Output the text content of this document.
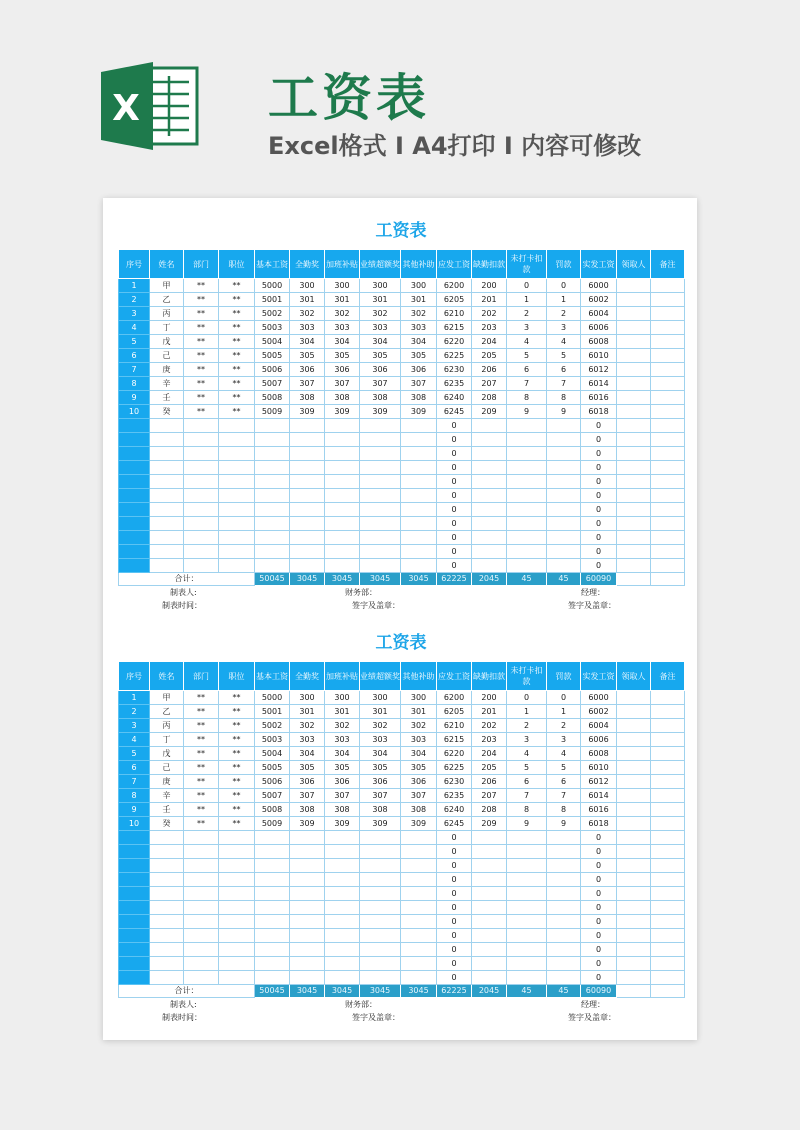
X	工资表
Excel格式 I A4打印 I 内容可修改
工资表
序号	姓名	部门	职位	基本工资	全勤奖	加班补贴	业绩超额奖	其他补助	应发工资	缺勤扣款	未打卡扣款	罚款	实发工资	领取人	备注
1	甲	**	**	5000	300	300	300	300	6200	200	0	0	6000		
2	乙	**	**	5001	301	301	301	301	6205	201	1	1	6002		
3	丙	**	**	5002	302	302	302	302	6210	202	2	2	6004		
4	丁	**	**	5003	303	303	303	303	6215	203	3	3	6006		
5	戊	**	**	5004	304	304	304	304	6220	204	4	4	6008		
6	己	**	**	5005	305	305	305	305	6225	205	5	5	6010		
7	庚	**	**	5006	306	306	306	306	6230	206	6	6	6012		
8	辛	**	**	5007	307	307	307	307	6235	207	7	7	6014		
9	壬	**	**	5008	308	308	308	308	6240	208	8	8	6016		
10	癸	**	**	5009	309	309	309	309	6245	209	9	9	6018		
									0				0		
									0				0		
									0				0		
									0				0		
									0				0		
									0				0		
									0				0		
									0				0		
									0				0		
									0				0		
									0				0		
合计：				50045	3045	3045	3045	3045	62225	2045	45	45	60090		
制表人:	财务部：	经理：
制表时间：	签字及盖章：	签字及盖章：
工资表
序号	姓名	部门	职位	基本工资	全勤奖	加班补贴	业绩超额奖	其他补助	应发工资	缺勤扣款	未打卡扣款	罚款	实发工资	领取人	备注
1	甲	**	**	5000	300	300	300	300	6200	200	0	0	6000		
2	乙	**	**	5001	301	301	301	301	6205	201	1	1	6002		
3	丙	**	**	5002	302	302	302	302	6210	202	2	2	6004		
4	丁	**	**	5003	303	303	303	303	6215	203	3	3	6006		
5	戊	**	**	5004	304	304	304	304	6220	204	4	4	6008		
6	己	**	**	5005	305	305	305	305	6225	205	5	5	6010		
7	庚	**	**	5006	306	306	306	306	6230	206	6	6	6012		
8	辛	**	**	5007	307	307	307	307	6235	207	7	7	6014		
9	壬	**	**	5008	308	308	308	308	6240	208	8	8	6016		
10	癸	**	**	5009	309	309	309	309	6245	209	9	9	6018		
									0				0		
									0				0		
									0				0		
									0				0		
									0				0		
									0				0		
									0				0		
									0				0		
									0				0		
									0				0		
									0				0		
合计：				50045	3045	3045	3045	3045	62225	2045	45	45	60090		
制表人:	财务部：	经理：
制表时间：	签字及盖章：	签字及盖章：
